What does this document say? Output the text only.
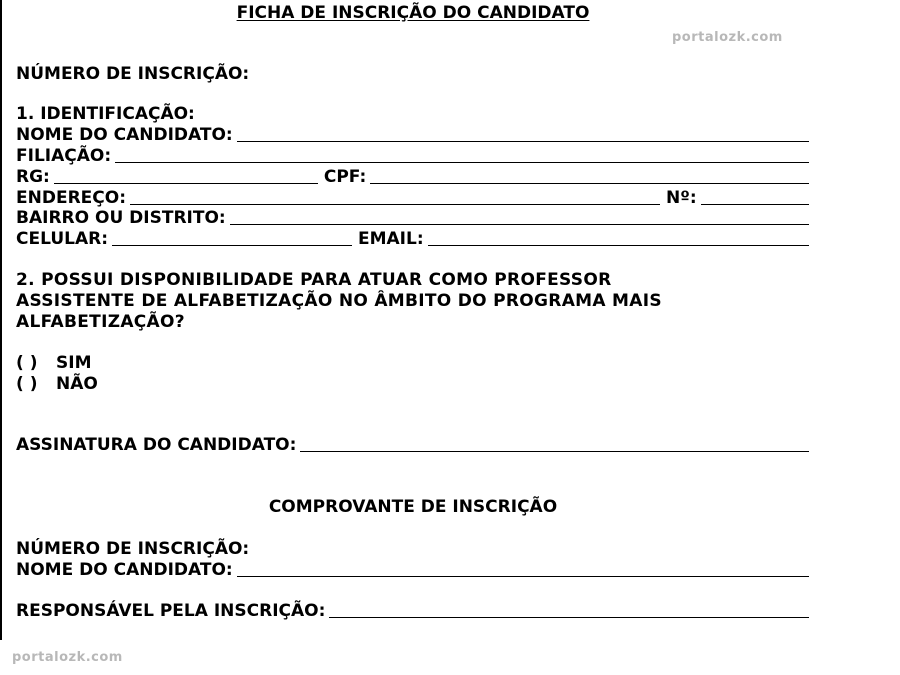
FICHA DE INSCRIÇÃO DO CANDIDATO
portalozk.com
NÚMERO DE INSCRIÇÃO:
1. IDENTIFICAÇÃO:
NOME DO CANDIDATO:
FILIAÇÃO:
RG:	CPF:
ENDEREÇO:	Nº:
BAIRRO OU DISTRITO:
CELULAR:	EMAIL:
2. POSSUI DISPONIBILIDADE PARA ATUAR COMO PROFESSOR
ASSISTENTE DE ALFABETIZAÇÃO NO ÂMBITO DO PROGRAMA MAIS
ALFABETIZAÇÃO?
( ) SIM
( ) NÃO
ASSINATURA DO CANDIDATO:
COMPROVANTE DE INSCRIÇÃO
NÚMERO DE INSCRIÇÃO:
NOME DO CANDIDATO:
RESPONSÁVEL PELA INSCRIÇÃO:
portalozk.com
